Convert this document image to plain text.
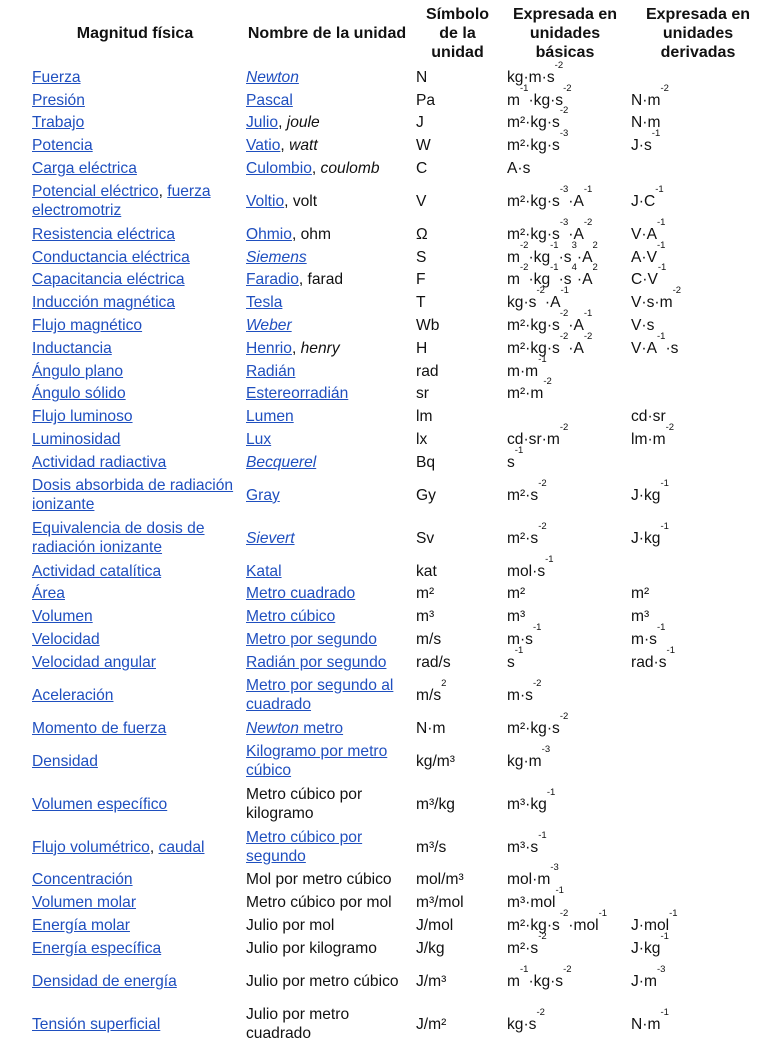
Magnitud física	Nombre de la unidad	Símbolo de la unidad	Expresada en unidades básicas	Expresada en unidades derivadas
Fuerza	Newton	N	$kg\cdot m\cdot s^{-2}$	
Presión	Pascal	Pa	$m^{-1}\cdot kg\cdot s^{-2}$	$N\cdot m^{-2}$
Trabajo	Julio, joule	J	$m^2\cdot kg\cdot s^{-2}$	N·m
Potencia	Vatio, watt	W	$m^2\cdot kg\cdot s^{-3}$	$J\cdot s^{-1}$
Carga eléctrica	Culombio, coulomb	C	A·s	
Potencial eléctrico, fuerza electromotriz	Voltio, volt	V	$m^2\cdot kg\cdot s^{-3}\cdot A^{-1}$	$J\cdot C^{-1}$
Resistencia eléctrica	Ohmio, ohm	Ω	$m^2\cdot kg\cdot s^{-3}\cdot A^{-2}$	$V\cdot A^{-1}$
Conductancia eléctrica	Siemens	S	$m^{-2}\cdot kg^{-1}\cdot s^3\cdot A^2$	$A\cdot V^{-1}$
Capacitancia eléctrica	Faradio, farad	F	$m^{-2}\cdot kg^{-1}\cdot s^4\cdot A^2$	$C\cdot V^{-1}$
Inducción magnética	Tesla	T	$kg\cdot s^{-2}\cdot A^{-1}$	$V\cdot s\cdot m^{-2}$
Flujo magnético	Weber	Wb	$m^2\cdot kg\cdot s^{-2}\cdot A^{-1}$	V·s
Inductancia	Henrio, henry	H	$m^2\cdot kg\cdot s^{-2}\cdot A^{-2}$	$V\cdot A^{-1}\cdot s$
Ángulo plano	Radián	rad	$m\cdot m^{-1}$	
Ángulo sólido	Estereorradián	sr	$m^2\cdot m^{-2}$	
Flujo luminoso	Lumen	lm		cd·sr
Luminosidad	Lux	lx	$cd\cdot sr\cdot m^{-2}$	$lm\cdot m^{-2}$
Actividad radiactiva	Becquerel	Bq	$s^{-1}$	
Dosis absorbida de radiación ionizante	Gray	Gy	$m^2\cdot s^{-2}$	$J\cdot kg^{-1}$
Equivalencia de dosis de radiación ionizante	Sievert	Sv	$m^2\cdot s^{-2}$	$J\cdot kg^{-1}$
Actividad catalítica	Katal	kat	$mol\cdot s^{-1}$	
Área	Metro cuadrado	m²	m²	m²
Volumen	Metro cúbico	m³	m³	m³
Velocidad	Metro por segundo	m/s	$m\cdot s^{-1}$	$m\cdot s^{-1}$
Velocidad angular	Radián por segundo	rad/s	$s^{-1}$	$rad\cdot s^{-1}$
Aceleración	Metro por segundo al cuadrado	$m/s^2$	$m\cdot s^{-2}$	
Momento de fuerza	Newton metro	N·m	$m^2\cdot kg\cdot s^{-2}$	
Densidad	Kilogramo por metro cúbico	kg/m³	$kg\cdot m^{-3}$	
Volumen específico	Metro cúbico por kilogramo	m³/kg	$m^3\cdot kg^{-1}$	
Flujo volumétrico, caudal	Metro cúbico por segundo	m³/s	$m^3\cdot s^{-1}$	
Concentración	Mol por metro cúbico	mol/m³	$mol\cdot m^{-3}$	
Volumen molar	Metro cúbico por mol	m³/mol	m³·mol$^{-1}$	
Energía molar	Julio por mol	J/mol	$m^2\cdot kg\cdot s^{-2}\cdot mol^{-1}$	J·mol$^{-1}$
Energía específica	Julio por kilogramo	J/kg	$m^2\cdot s^{-2}$	$J\cdot kg^{-1}$
Densidad de energía	Julio por metro cúbico	J/m³	$m^{-1}\cdot kg\cdot s^{-2}$	$J\cdot m^{-3}$
Tensión superficial	Julio por metro cuadrado	J/m²	$kg\cdot s^{-2}$	$N\cdot m^{-1}$
